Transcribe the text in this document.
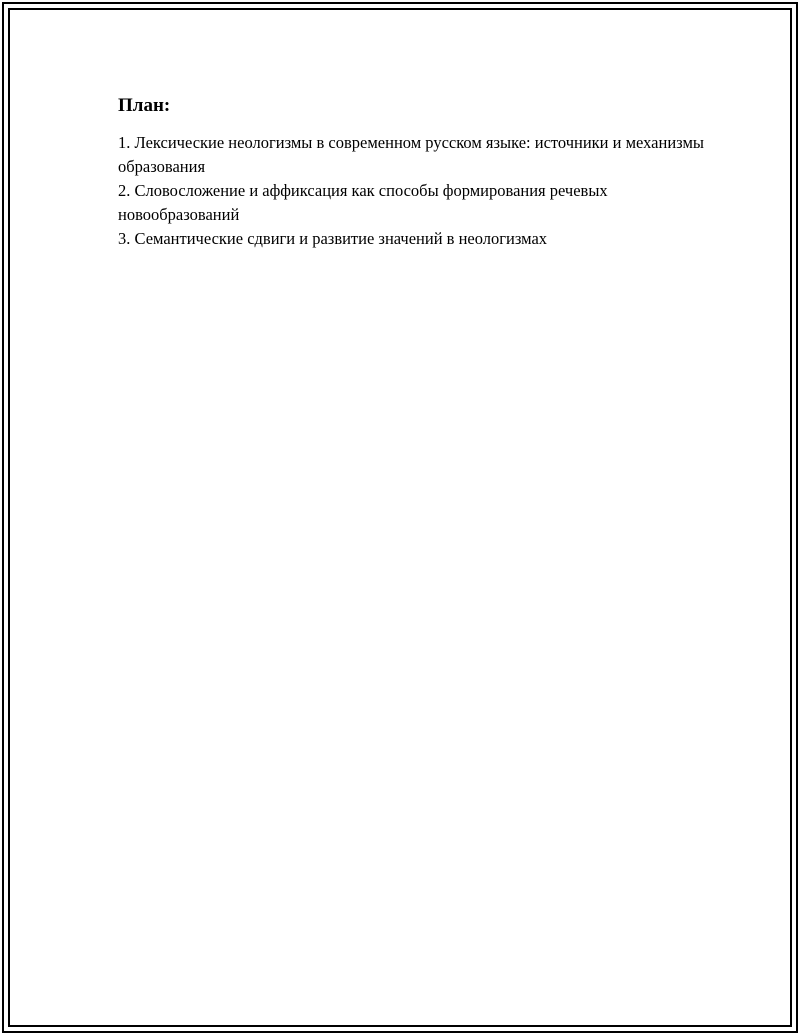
План:
1. Лексические неологизмы в современном русском языке: источники и механизмы образования
2. Словосложение и аффиксация как способы формирования речевых новообразований
3. Семантические сдвиги и развитие значений в неологизмах
